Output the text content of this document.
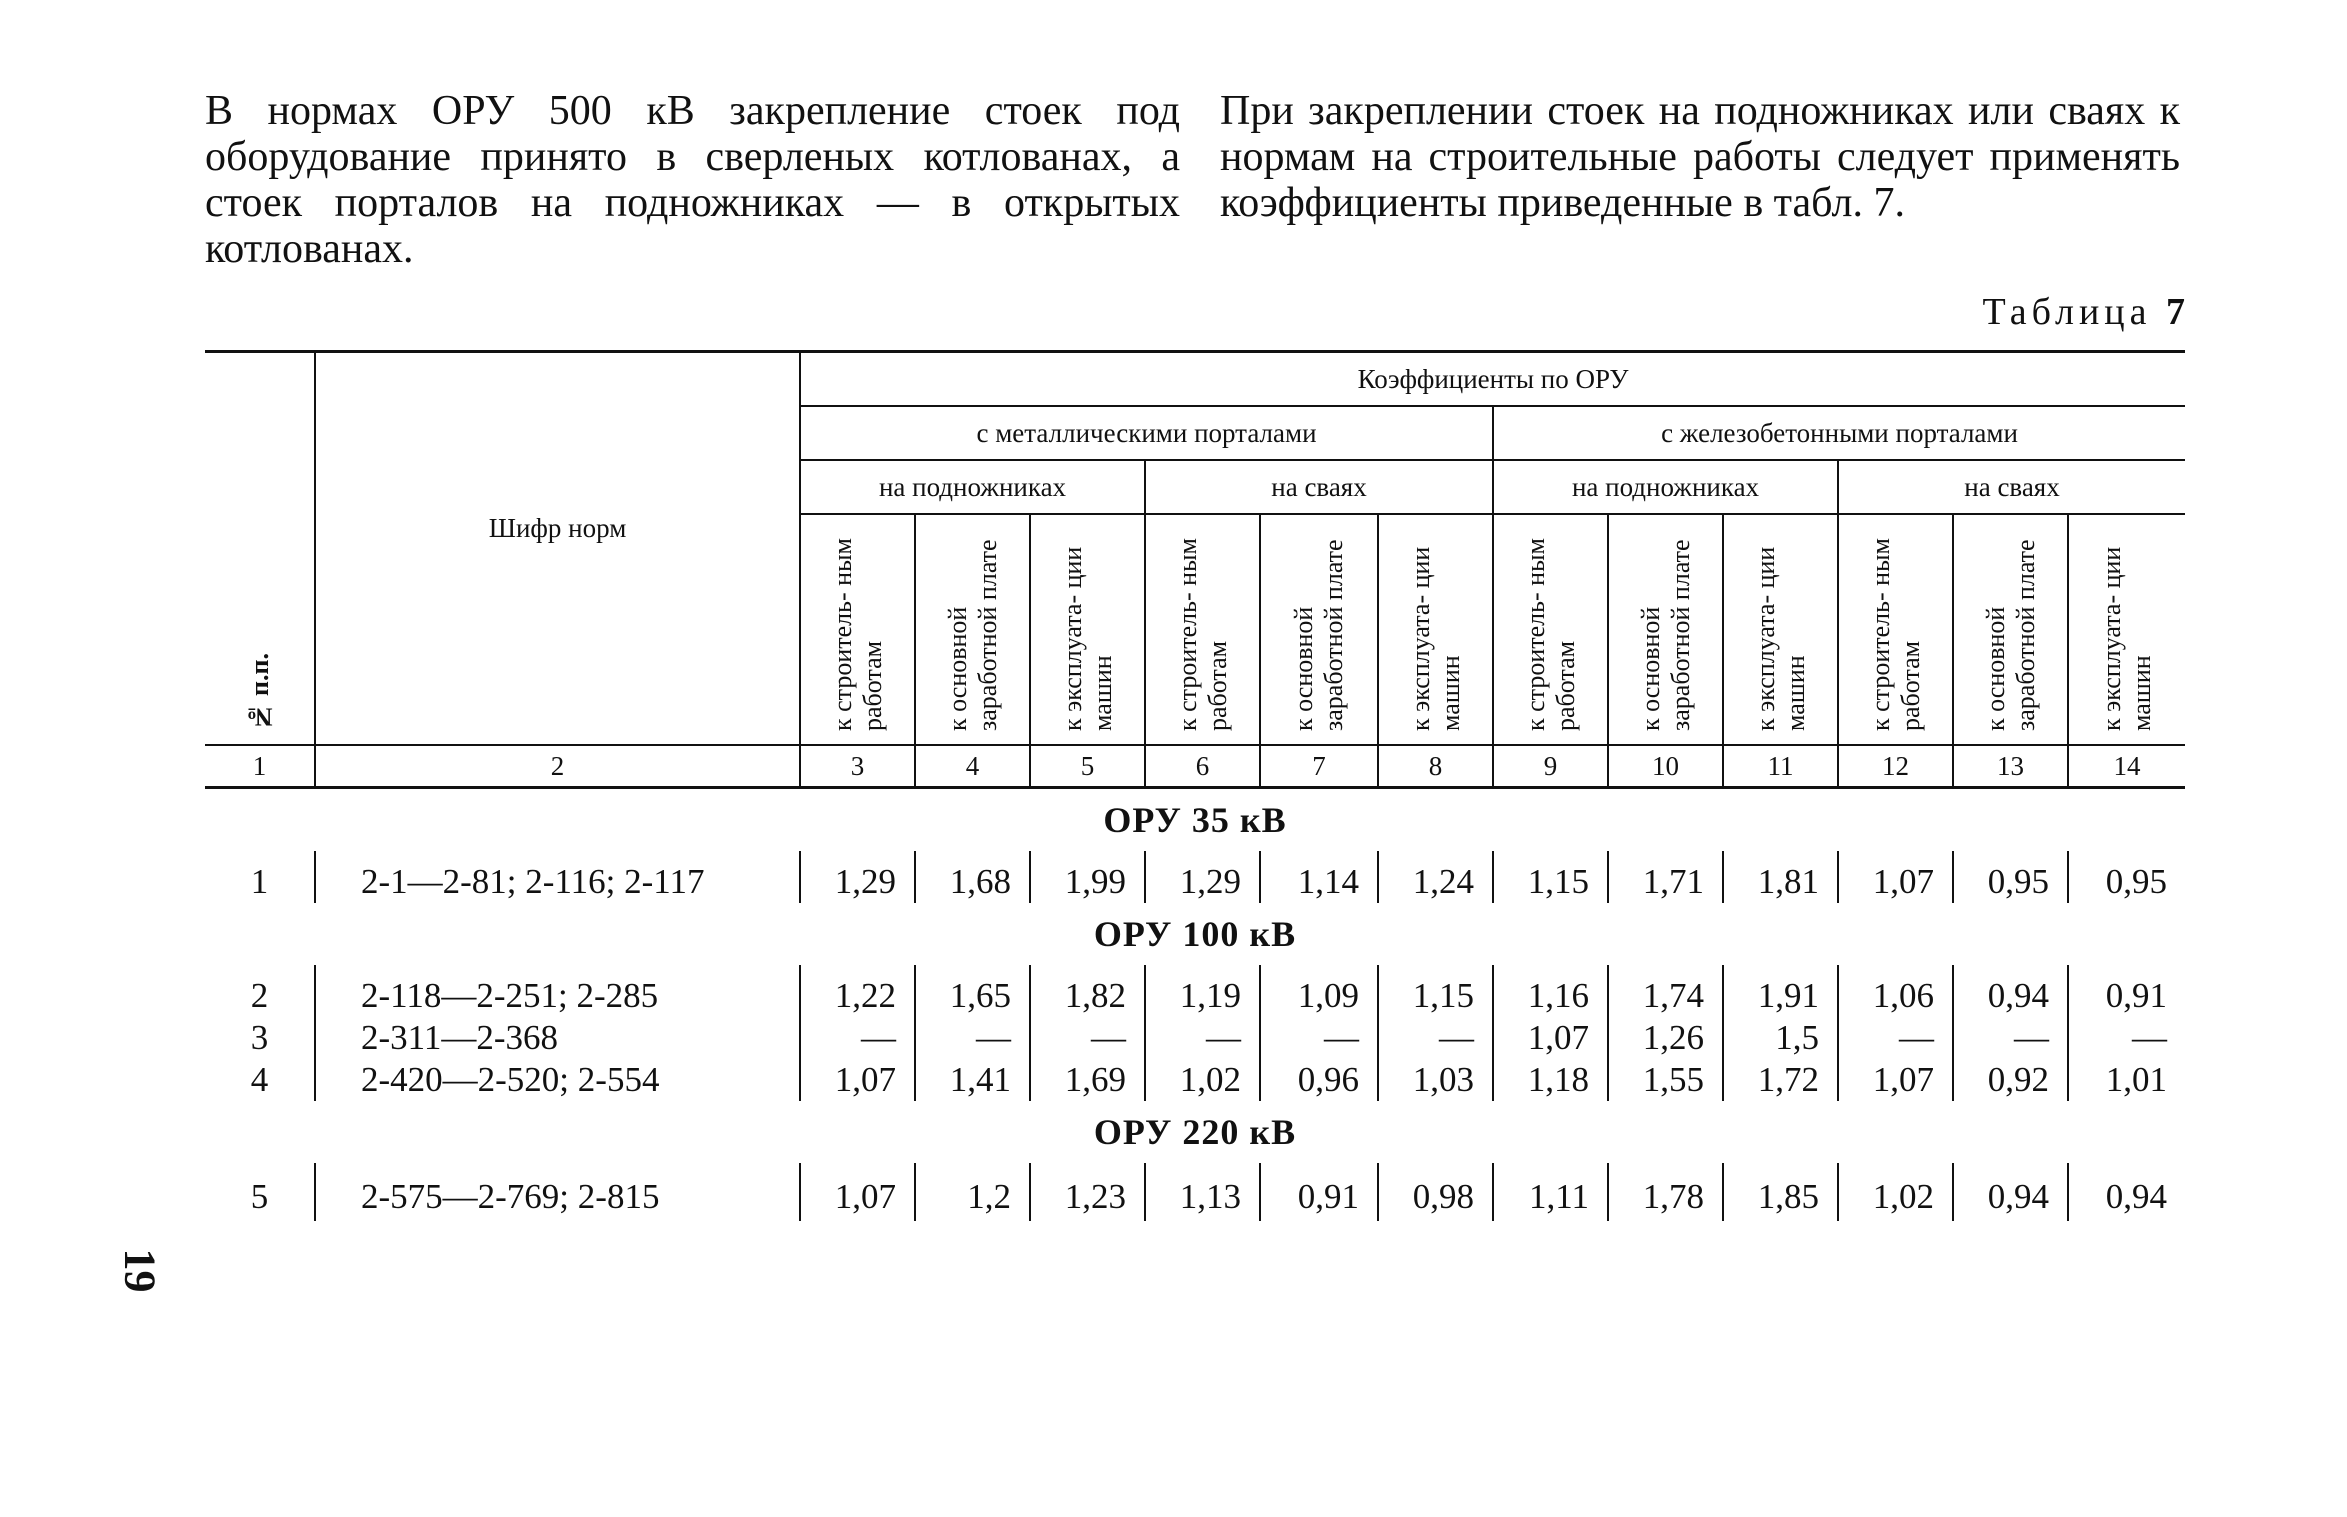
В нормах ОРУ 500 кВ закрепление стоек под оборудование принято в сверленых котлованах, а стоек порталов на подножниках — в открытых котлованах.

При закреплении стоек на подножниках или сваях к нормам на строительные работы следует применять коэффициенты приведенные в табл. 7.

Таблица 7

№ п.п.	Шифр норм	Коэффициенты по ОРУ											
		с металлическими порталами						с железобетонными порталами					
		на подножниках			на сваях			на подножниках			на сваях		
		к строитель- ным работам	к основной заработной плате	к эксплуата- ции машин	к строитель- ным работам	к основной заработной плате	к эксплуата- ции машин	к строитель- ным работам	к основной заработной плате	к эксплуата- ции машин	к строитель- ным работам	к основной заработной плате	к эксплуата- ции машин
1	2	3	4	5	6	7	8	9	10	11	12	13	14
ОРУ 35 кВ													
1	2-1—2-81; 2-116; 2-117	1,29	1,68	1,99	1,29	1,14	1,24	1,15	1,71	1,81	1,07	0,95	0,95
ОРУ 100 кВ													
2	2-118—2-251; 2-285	1,22	1,65	1,82	1,19	1,09	1,15	1,16	1,74	1,91	1,06	0,94	0,91
3	2-311—2-368	—	—	—	—	—	—	1,07	1,26	1,5	—	—	—
4	2-420—2-520; 2-554	1,07	1,41	1,69	1,02	0,96	1,03	1,18	1,55	1,72	1,07	0,92	1,01
ОРУ 220 кВ													
5	2-575—2-769; 2-815	1,07	1,2	1,23	1,13	0,91	0,98	1,11	1,78	1,85	1,02	0,94	0,94

19
